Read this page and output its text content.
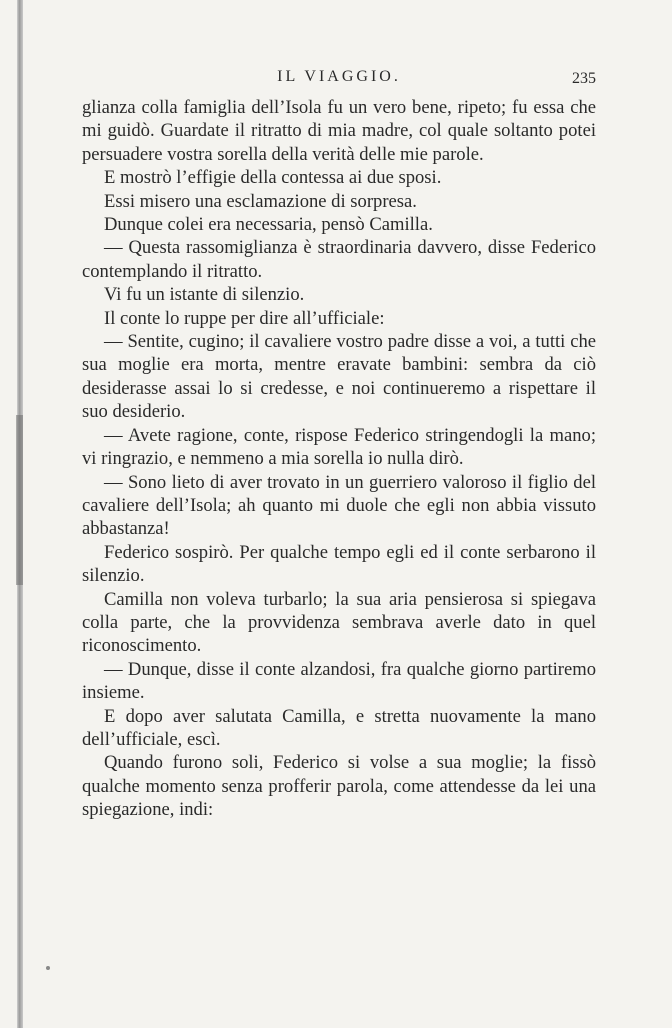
IL VIAGGIO.	235

glianza colla famiglia dell’Isola fu un vero bene, ripeto; fu essa che mi guidò. Guardate il ritratto di mia madre, col quale soltanto potei persuadere vostra sorella della verità delle mie parole.

E mostrò l’effigie della contessa ai due sposi.

Essi misero una esclamazione di sorpresa.

Dunque colei era necessaria, pensò Camilla.

— Questa rassomiglianza è straordinaria davvero, disse Federico contemplando il ritratto.

Vi fu un istante di silenzio.

Il conte lo ruppe per dire all’ufficiale:

— Sentite, cugino; il cavaliere vostro padre disse a voi, a tutti che sua moglie era morta, mentre eravate bambini: sembra da ciò desiderasse assai lo si credesse, e noi continueremo a rispettare il suo desiderio.

— Avete ragione, conte, rispose Federico stringendogli la mano; vi ringrazio, e nemmeno a mia sorella io nulla dirò.

— Sono lieto di aver trovato in un guerriero valoroso il figlio del cavaliere dell’Isola; ah quanto mi duole che egli non abbia vissuto abbastanza!

Federico sospirò. Per qualche tempo egli ed il conte serbarono il silenzio.

Camilla non voleva turbarlo; la sua aria pensierosa si spiegava colla parte, che la provvidenza sembrava averle dato in quel riconoscimento.

— Dunque, disse il conte alzandosi, fra qualche giorno partiremo insieme.

E dopo aver salutata Camilla, e stretta nuovamente la mano dell’ufficiale, escì.

Quando furono soli, Federico si volse a sua moglie; la fissò qualche momento senza profferir parola, come attendesse da lei una spiegazione, indi:
